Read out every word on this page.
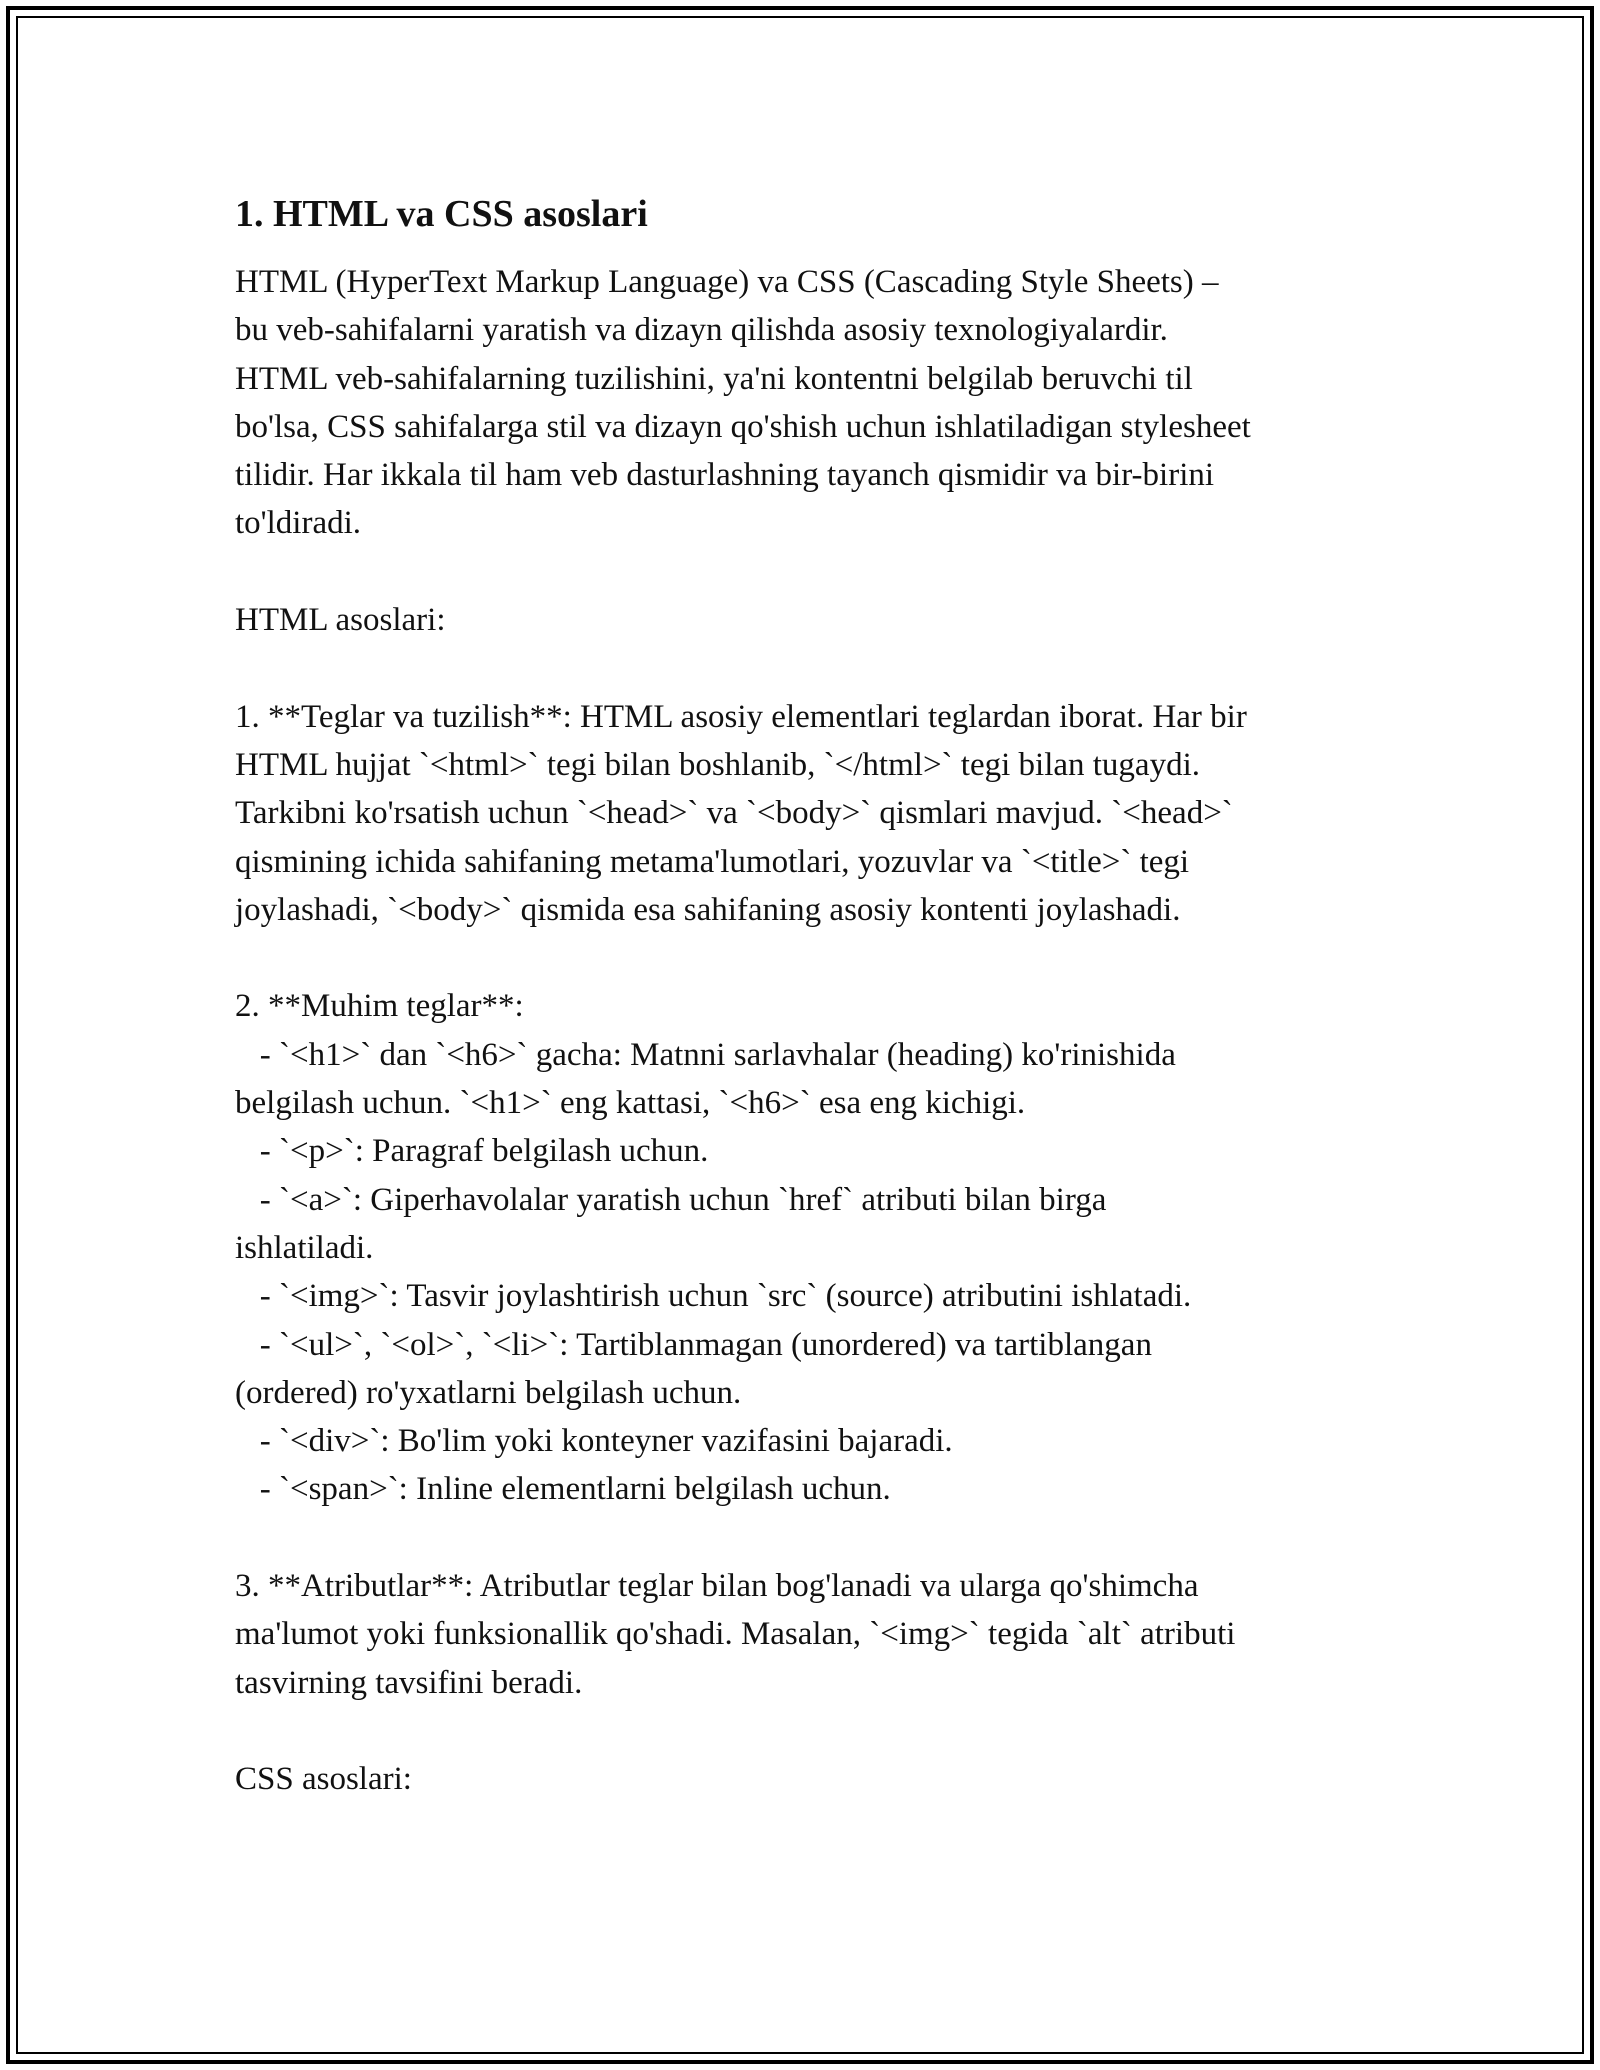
1. HTML va CSS asoslari
HTML (HyperText Markup Language) va CSS (Cascading Style Sheets) –
bu veb-sahifalarni yaratish va dizayn qilishda asosiy texnologiyalardir.
HTML veb-sahifalarning tuzilishini, ya'ni kontentni belgilab beruvchi til
bo'lsa, CSS sahifalarga stil va dizayn qo'shish uchun ishlatiladigan stylesheet
tilidir. Har ikkala til ham veb dasturlashning tayanch qismidir va bir-birini
to'ldiradi.
HTML asoslari:
1. **Teglar va tuzilish**: HTML asosiy elementlari teglardan iborat. Har bir
HTML hujjat `<html>` tegi bilan boshlanib, `</html>` tegi bilan tugaydi.
Tarkibni ko'rsatish uchun `<head>` va `<body>` qismlari mavjud. `<head>`
qismining ichida sahifaning metama'lumotlari, yozuvlar va `<title>` tegi
joylashadi, `<body>` qismida esa sahifaning asosiy kontenti joylashadi.
2. **Muhim teglar**:
- `<h1>` dan `<h6>` gacha: Matnni sarlavhalar (heading) ko'rinishida
belgilash uchun. `<h1>` eng kattasi, `<h6>` esa eng kichigi.
- `<p>`: Paragraf belgilash uchun.
- `<a>`: Giperhavolalar yaratish uchun `href` atributi bilan birga
ishlatiladi.
- `<img>`: Tasvir joylashtirish uchun `src` (source) atributini ishlatadi.
- `<ul>`, `<ol>`, `<li>`: Tartiblanmagan (unordered) va tartiblangan
(ordered) ro'yxatlarni belgilash uchun.
- `<div>`: Bo'lim yoki konteyner vazifasini bajaradi.
- `<span>`: Inline elementlarni belgilash uchun.
3. **Atributlar**: Atributlar teglar bilan bog'lanadi va ularga qo'shimcha
ma'lumot yoki funksionallik qo'shadi. Masalan, `<img>` tegida `alt` atributi
tasvirning tavsifini beradi.
CSS asoslari:
